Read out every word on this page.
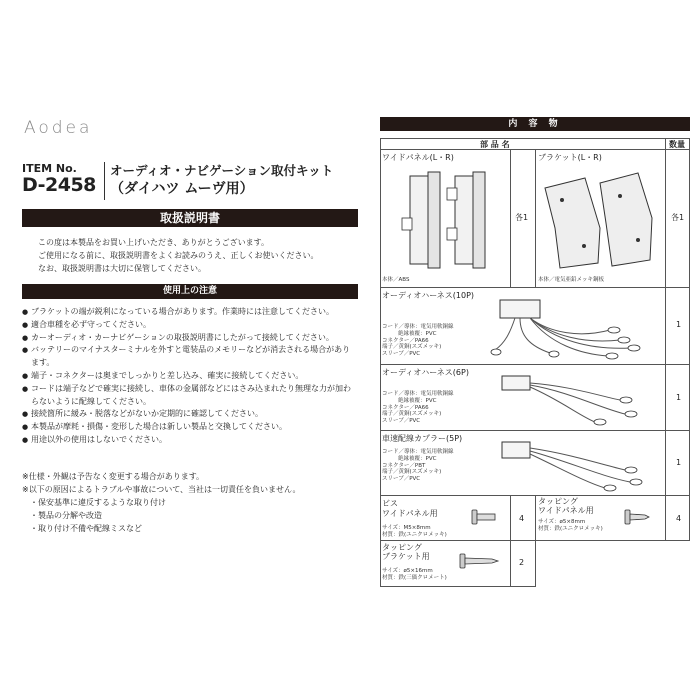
Aodea
ITEM No.
D-2458
オーディオ・ナビゲーション取付キット
（ダイハツ ムーヴ用）
取扱説明書
この度は本製品をお買い上げいただき、ありがとうございます。
ご使用になる前に、取扱説明書をよくお読みのうえ、正しくお使いください。
なお、取扱説明書は大切に保管してください。
使用上の注意
● ブラケットの端が鋭利になっている場合があります。作業時には注意してください。
● 適合車種を必ず守ってください。
● カーオーディオ・カーナビゲーションの取扱説明書にしたがって接続してください。
● バッテリーのマイナスターミナルを外すと電装品のメモリーなどが消去される場合があります。
● 端子・コネクターは奥までしっかりと差し込み、確実に接続してください。
● コードは端子などで確実に接続し、車体の金属部などにはさみ込まれたり無理な力が加わらないように配線してください。
● 接続箇所に緩み・脱落などがないか定期的に確認してください。
● 本製品が摩耗・損傷・変形した場合は新しい製品と交換してください。
● 用途以外の使用はしないでください。
※仕様・外観は予告なく変更する場合があります。
※以下の原因によるトラブルや事故について、当社は一切責任を負いません。
・保安基準に違反するような取り付け
・製品の分解や改造
・取り付け不備や配線ミスなど
内 容 物
部 品 名	数量
ワイドパネル(L・R)
本体／ABS
各1
ブラケット(L・R)
本体／電気亜鉛メッキ鋼板
各1
オーディオハーネス(10P)
コード／導体：電気用軟銅線
絶縁被覆：PVC
コネクター／PA66
端子／黄銅(スズメッキ)
スリーブ／PVC
1
オーディオハーネス(6P)
コード／導体：電気用軟銅線
絶縁被覆：PVC
コネクター／PA66
端子／黄銅(スズメッキ)
スリーブ／PVC
1
車速配線カプラー(5P)
コード／導体：電気用軟銅線
絶縁被覆：PVC
コネクター／PBT
端子／黄銅(スズメッキ)
スリーブ／PVC
1
ビス
ワイドパネル用
サイズ：M5×8mm
材質：鉄(ユニクロメッキ)
4
タッピング
ワイドパネル用
サイズ：ø5×8mm
材質：鉄(ユニクロメッキ)
4
タッピング
ブラケット用
サイズ：ø5×16mm
材質：鉄(三価クロメート)
2
